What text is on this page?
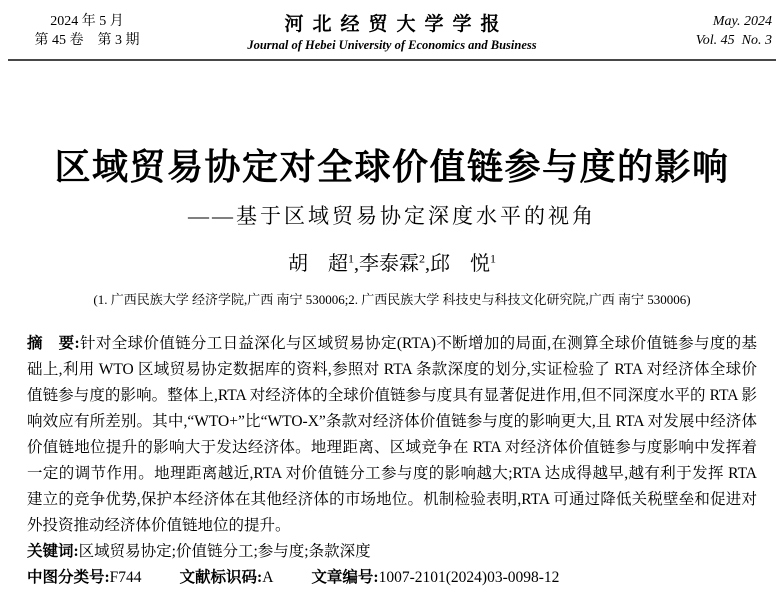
2024 年 5 月
第 45 卷　第 3 期
河北经贸大学学报
Journal of Hebei University of Economics and Business
May. 2024
Vol. 45  No. 3
区域贸易协定对全球价值链参与度的影响
——基于区域贸易协定深度水平的视角
胡　超$^1$,李泰霖$^2$,邱　悦$^1$
(1. 广西民族大学 经济学院,广西 南宁 530006;2. 广西民族大学 科技史与科技文化研究院,广西 南宁 530006)

摘　要:针对全球价值链分工日益深化与区域贸易协定(RTA)不断增加的局面,在测算全球价值链参与度的基础上,利用 WTO 区域贸易协定数据库的资料,参照对 RTA 条款深度的划分,实证检验了 RTA 对经济体全球价值链参与度的影响。整体上,RTA 对经济体的全球价值链参与度具有显著促进作用,但不同深度水平的 RTA 影响效应有所差别。其中,“WTO+”比“WTO-X”条款对经济体价值链参与度的影响更大,且 RTA 对发展中经济体价值链地位提升的影响大于发达经济体。地理距离、区域竞争在 RTA 对经济体价值链参与度影响中发挥着一定的调节作用。地理距离越近,RTA 对价值链分工参与度的影响越大;RTA 达成得越早,越有利于发挥 RTA 建立的竞争优势,保护本经济体在其他经济体的市场地位。机制检验表明,RTA 可通过降低关税壁垒和促进对外投资推动经济体价值链地位的提升。

关键词:区域贸易协定;价值链分工;参与度;条款深度

中图分类号:F744 文献标识码:A 文章编号:1007-2101(2024)03-0098-12
